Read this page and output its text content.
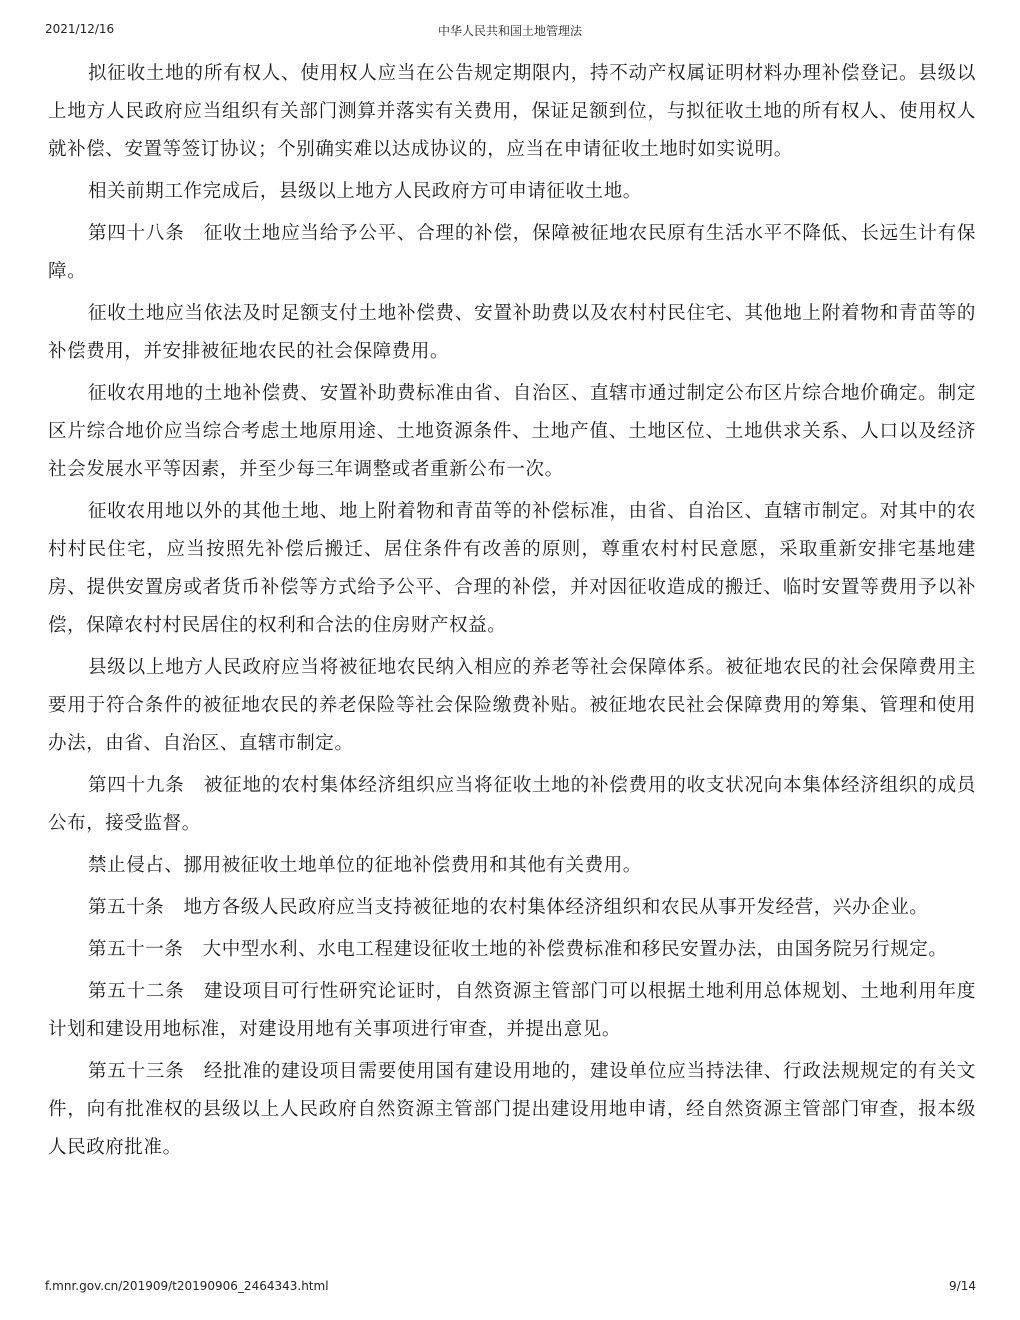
2021/12/16	中华人民共和国土地管理法

拟征收土地的所有权人、使用权人应当在公告规定期限内，持不动产权属证明材料办理补偿登记。县级以上地方人民政府应当组织有关部门测算并落实有关费用，保证足额到位，与拟征收土地的所有权人、使用权人就补偿、安置等签订协议；个别确实难以达成协议的，应当在申请征收土地时如实说明。

相关前期工作完成后，县级以上地方人民政府方可申请征收土地。

第四十八条　征收土地应当给予公平、合理的补偿，保障被征地农民原有生活水平不降低、长远生计有保障。

征收土地应当依法及时足额支付土地补偿费、安置补助费以及农村村民住宅、其他地上附着物和青苗等的补偿费用，并安排被征地农民的社会保障费用。

征收农用地的土地补偿费、安置补助费标准由省、自治区、直辖市通过制定公布区片综合地价确定。制定区片综合地价应当综合考虑土地原用途、土地资源条件、土地产值、土地区位、土地供求关系、人口以及经济社会发展水平等因素，并至少每三年调整或者重新公布一次。

征收农用地以外的其他土地、地上附着物和青苗等的补偿标准，由省、自治区、直辖市制定。对其中的农村村民住宅，应当按照先补偿后搬迁、居住条件有改善的原则，尊重农村村民意愿，采取重新安排宅基地建房、提供安置房或者货币补偿等方式给予公平、合理的补偿，并对因征收造成的搬迁、临时安置等费用予以补偿，保障农村村民居住的权利和合法的住房财产权益。

县级以上地方人民政府应当将被征地农民纳入相应的养老等社会保障体系。被征地农民的社会保障费用主要用于符合条件的被征地农民的养老保险等社会保险缴费补贴。被征地农民社会保障费用的筹集、管理和使用办法，由省、自治区、直辖市制定。

第四十九条　被征地的农村集体经济组织应当将征收土地的补偿费用的收支状况向本集体经济组织的成员公布，接受监督。

禁止侵占、挪用被征收土地单位的征地补偿费用和其他有关费用。

第五十条　地方各级人民政府应当支持被征地的农村集体经济组织和农民从事开发经营，兴办企业。

第五十一条　大中型水利、水电工程建设征收土地的补偿费标准和移民安置办法，由国务院另行规定。

第五十二条　建设项目可行性研究论证时，自然资源主管部门可以根据土地利用总体规划、土地利用年度计划和建设用地标准，对建设用地有关事项进行审查，并提出意见。

第五十三条　经批准的建设项目需要使用国有建设用地的，建设单位应当持法律、行政法规规定的有关文件，向有批准权的县级以上人民政府自然资源主管部门提出建设用地申请，经自然资源主管部门审查，报本级人民政府批准。

f.mnr.gov.cn/201909/t20190906_2464343.html	9/14
